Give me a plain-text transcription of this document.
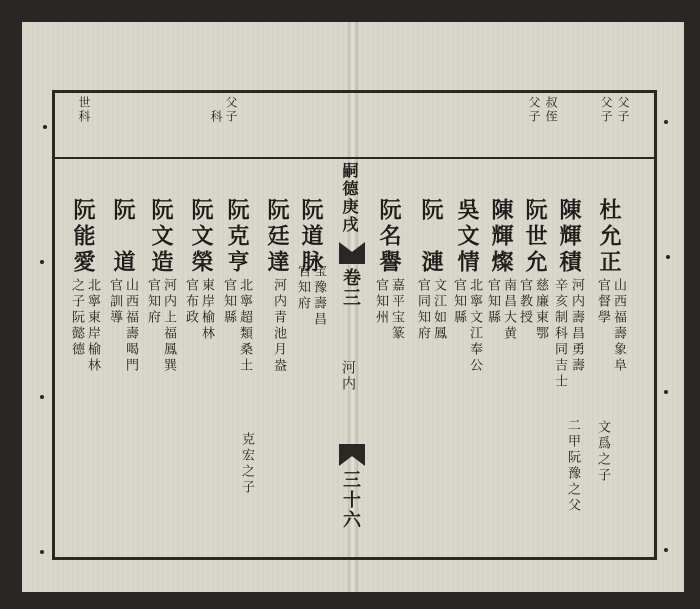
父子
父子
叔侄
父子
父子
科
世科
嗣德庚戌
卷三
河内
三十六
杜允正
山西福壽象阜
官督學
陳輝積
河内壽昌勇壽
辛亥制科同吉士
文爲之子
阮世允
慈廉東鄂
官教授
二甲阮豫之父
陳輝燦
南昌大黄
官知縣
吳文情
北寧文江奉公
官知縣
阮　漣
文江如鳳
官同知府
阮名譽
嘉平宝篆
官知州
阮道脉
宝豫壽昌
官知府
阮廷達
河内青池月盎
阮克亨
北寧超類桑土
官知縣
克宏之子
阮文榮
東岸榆林
官布政
阮文造
河内上福鳳巽
官知府
阮　道
山西福壽喝門
官訓導
阮能愛
北寧東岸榆林
之子阮懿德
